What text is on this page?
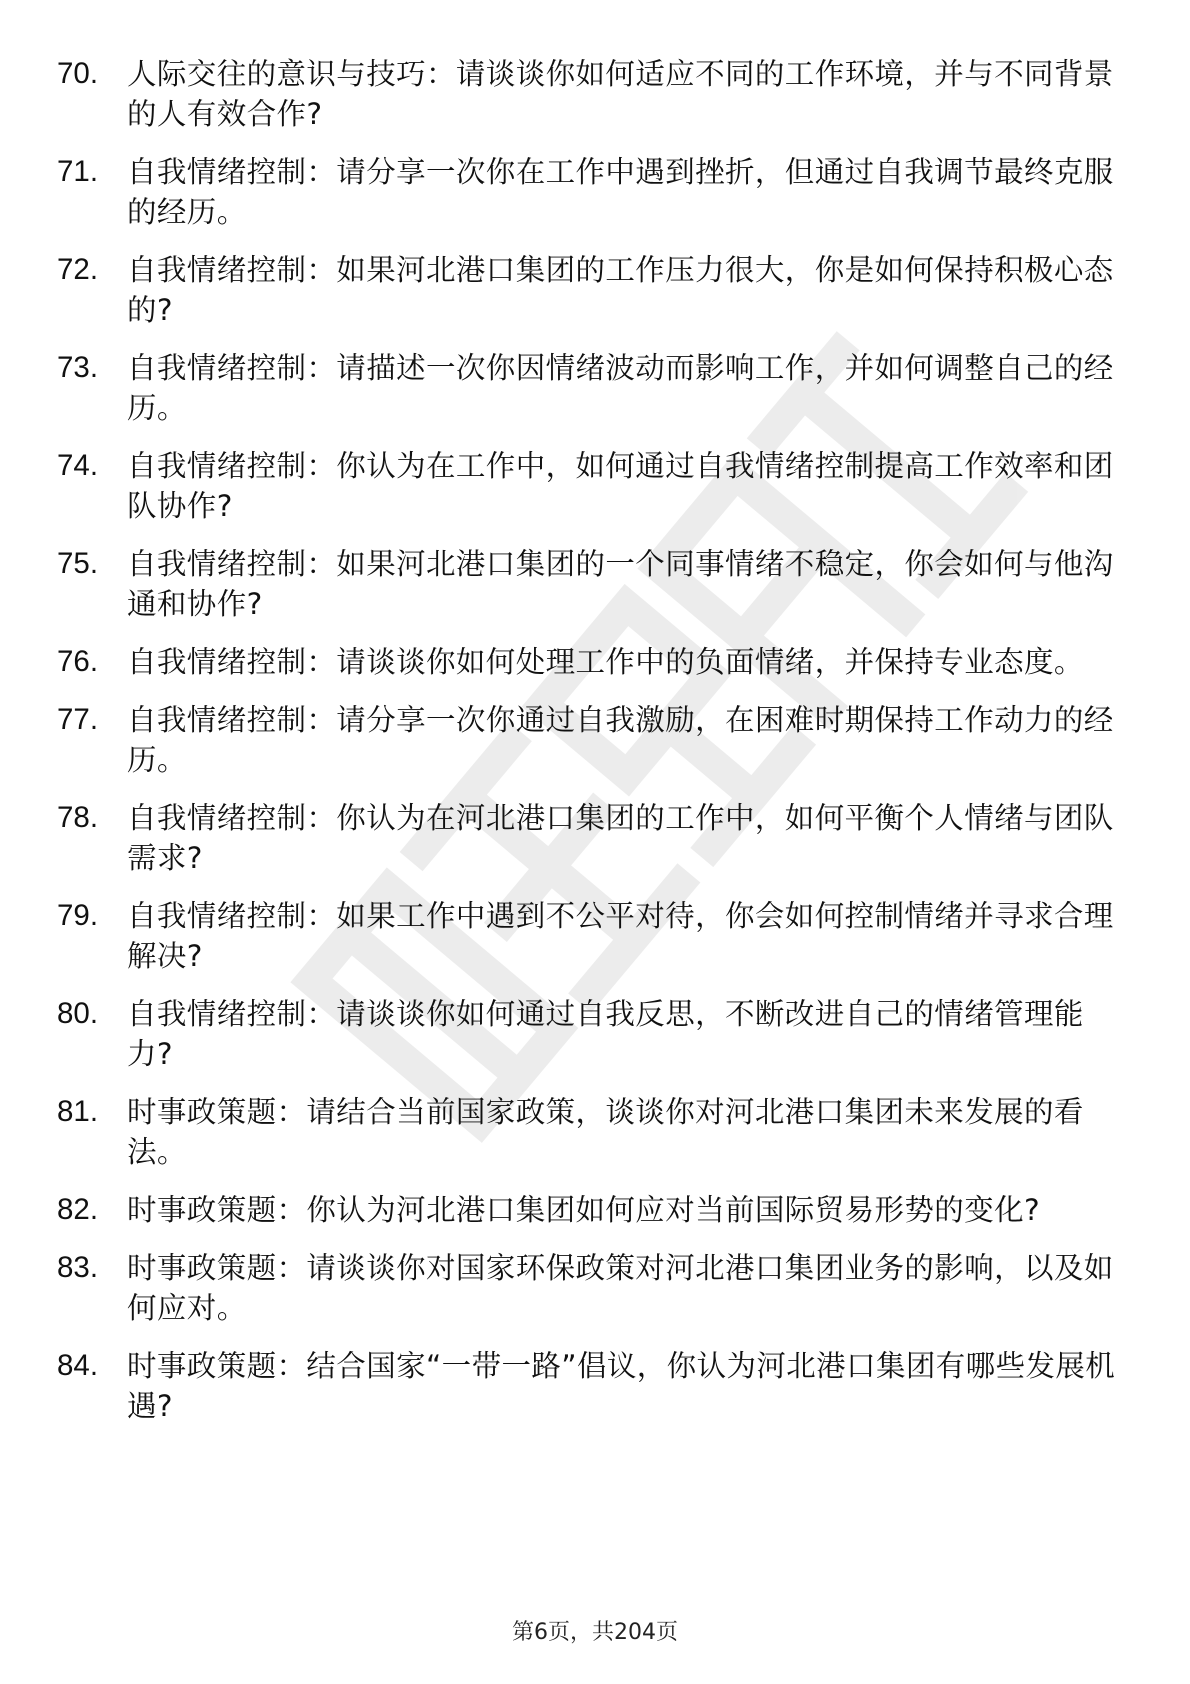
70. 人际交往的意识与技巧：请谈谈你如何适应不同的工作环境，并与不同背景的人有效合作?
71. 自我情绪控制：请分享一次你在工作中遇到挫折，但通过自我调节最终克服的经历。
72. 自我情绪控制：如果河北港口集团的工作压力很大，你是如何保持积极心态的?
73. 自我情绪控制：请描述一次你因情绪波动而影响工作，并如何调整自己的经历。
74. 自我情绪控制：你认为在工作中，如何通过自我情绪控制提高工作效率和团队协作?
75. 自我情绪控制：如果河北港口集团的一个同事情绪不稳定，你会如何与他沟通和协作?
76. 自我情绪控制：请谈谈你如何处理工作中的负面情绪，并保持专业态度。
77. 自我情绪控制：请分享一次你通过自我激励，在困难时期保持工作动力的经历。
78. 自我情绪控制：你认为在河北港口集团的工作中，如何平衡个人情绪与团队需求?
79. 自我情绪控制：如果工作中遇到不公平对待，你会如何控制情绪并寻求合理解决?
80. 自我情绪控制：请谈谈你如何通过自我反思，不断改进自己的情绪管理能力?
81. 时事政策题：请结合当前国家政策，谈谈你对河北港口集团未来发展的看法。
82. 时事政策题：你认为河北港口集团如何应对当前国际贸易形势的变化?
83. 时事政策题：请谈谈你对国家环保政策对河北港口集团业务的影响，以及如何应对。
84. 时事政策题：结合国家“一带一路”倡议，你认为河北港口集团有哪些发展机遇?
第6页，共204页
